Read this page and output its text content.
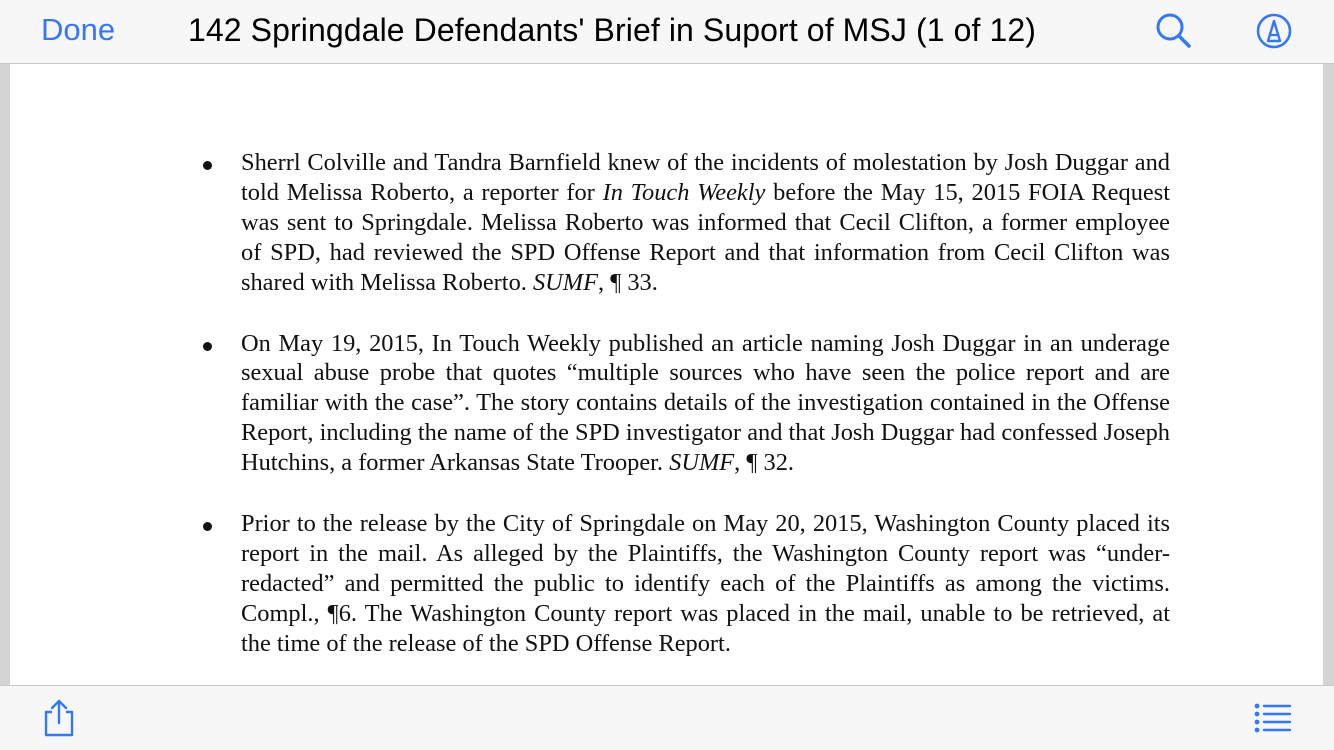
Done 142 Springdale Defendants' Brief in Suport of MSJ (1 of 12)
Sherrl Colville and Tandra Barnfield knew of the incidents of molestation by Josh Duggar and told Melissa Roberto, a reporter for In Touch Weekly before the May 15, 2015 FOIA Request was sent to Springdale. Melissa Roberto was informed that Cecil Clifton, a former employee of SPD, had reviewed the SPD Offense Report and that information from Cecil Clifton was shared with Melissa Roberto. SUMF, ¶ 33.
On May 19, 2015, In Touch Weekly published an article naming Josh Duggar in an underage sexual abuse probe that quotes “multiple sources who have seen the police report and are familiar with the case”. The story contains details of the investigation contained in the Offense Report, including the name of the SPD investigator and that Josh Duggar had confessed Joseph Hutchins, a former Arkansas State Trooper. SUMF, ¶ 32.
Prior to the release by the City of Springdale on May 20, 2015, Washington County placed its report in the mail. As alleged by the Plaintiffs, the Washington County report was “under-redacted” and permitted the public to identify each of the Plaintiffs as among the victims. Compl., ¶6. The Washington County report was placed in the mail, unable to be retrieved, at the time of the release of the SPD Offense Report.
